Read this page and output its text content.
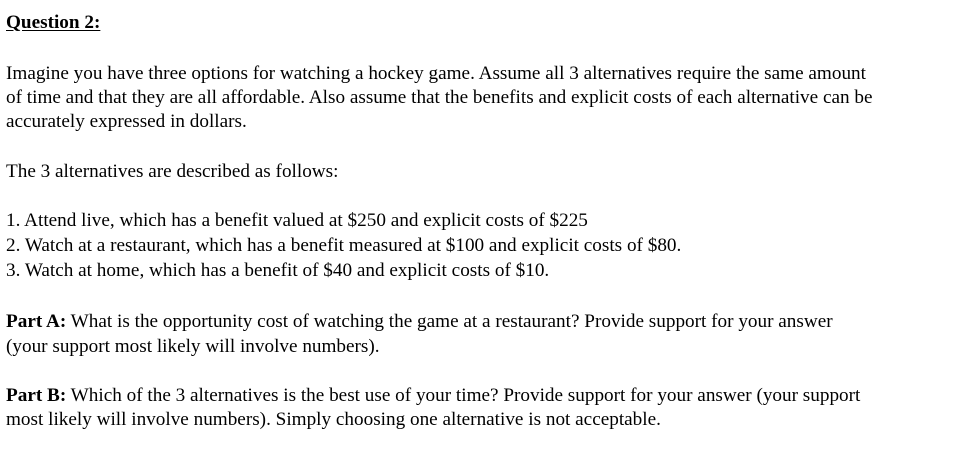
Question 2:
Imagine you have three options for watching a hockey game. Assume all 3 alternatives require the same amount
of time and that they are all affordable. Also assume that the benefits and explicit costs of each alternative can be
accurately expressed in dollars.
The 3 alternatives are described as follows:
1. Attend live, which has a benefit valued at $250 and explicit costs of $225
2. Watch at a restaurant, which has a benefit measured at $100 and explicit costs of $80.
3. Watch at home, which has a benefit of $40 and explicit costs of $10.
Part A: What is the opportunity cost of watching the game at a restaurant? Provide support for your answer
(your support most likely will involve numbers).
Part B: Which of the 3 alternatives is the best use of your time? Provide support for your answer (your support
most likely will involve numbers). Simply choosing one alternative is not acceptable.
